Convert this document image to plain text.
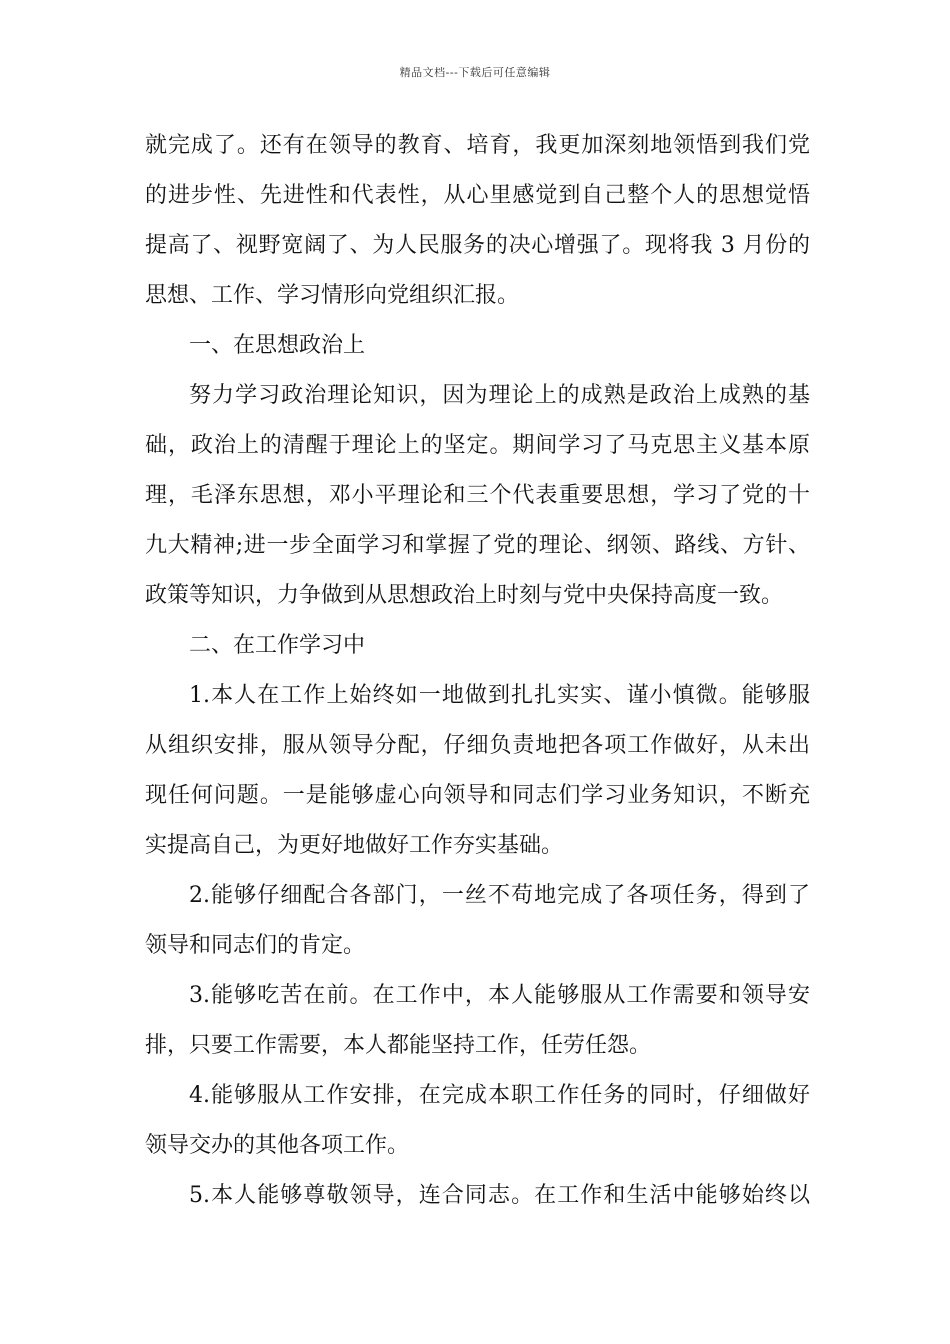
精品文档---下载后可任意编辑
就完成了。还有在领导的教育、培育，我更加深刻地领悟到我们党
的进步性、先进性和代表性，从心里感觉到自己整个人的思想觉悟
提高了、视野宽阔了、为人民服务的决心增强了。现将我 3 月份的
思想、工作、学习情形向党组织汇报。
一、在思想政治上
努力学习政治理论知识，因为理论上的成熟是政治上成熟的基
础，政治上的清醒于理论上的坚定。期间学习了马克思主义基本原
理，毛泽东思想，邓小平理论和三个代表重要思想，学习了党的十
九大精神;进一步全面学习和掌握了党的理论、纲领、路线、方针、
政策等知识，力争做到从思想政治上时刻与党中央保持高度一致。
二、在工作学习中
1.本人在工作上始终如一地做到扎扎实实、谨小慎微。能够服
从组织安排，服从领导分配，仔细负责地把各项工作做好，从未出
现任何问题。一是能够虚心向领导和同志们学习业务知识，不断充
实提高自己，为更好地做好工作夯实基础。
2.能够仔细配合各部门，一丝不苟地完成了各项任务，得到了
领导和同志们的肯定。
3.能够吃苦在前。在工作中，本人能够服从工作需要和领导安
排，只要工作需要，本人都能坚持工作，任劳任怨。
4.能够服从工作安排，在完成本职工作任务的同时，仔细做好
领导交办的其他各项工作。
5.本人能够尊敬领导，连合同志。在工作和生活中能够始终以
